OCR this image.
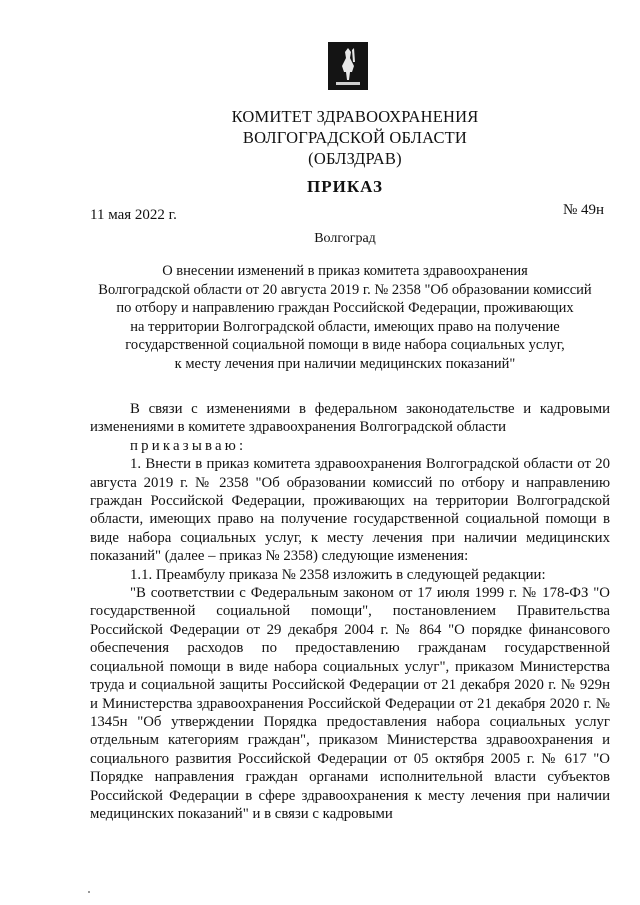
КОМИТЕТ ЗДРАВООХРАНЕНИЯ
ВОЛГОГРАДСКОЙ ОБЛАСТИ
(ОБЛЗДРАВ)
ПРИКАЗ
11 мая 2022 г.	№ 49н
Волгоград
О внесении изменений в приказ комитета здравоохранения
Волгоградской области от 20 августа 2019 г. № 2358 "Об образовании комиссий
по отбору и направлению граждан Российской Федерации, проживающих
на территории Волгоградской области, имеющих право на получение
государственной социальной помощи в виде набора социальных услуг,
к месту лечения при наличии медицинских показаний"

В связи с изменениями в федеральном законодательстве и кадровыми изменениями в комитете здравоохранения Волгоградской области

приказываю:

1. Внести в приказ комитета здравоохранения Волгоградской области от 20 августа 2019 г. № 2358 "Об образовании комиссий по отбору и направлению граждан Российской Федерации, проживающих на территории Волгоградской области, имеющих право на получение государственной социальной помощи в виде набора социальных услуг, к месту лечения при наличии медицинских показаний" (далее – приказ № 2358) следующие изменения:

1.1. Преамбулу приказа № 2358 изложить в следующей редакции:

"В соответствии с Федеральным законом от 17 июля 1999 г. № 178-ФЗ "О государственной социальной помощи", постановлением Правительства Российской Федерации от 29 декабря 2004 г. № 864 "О порядке финансового обеспечения расходов по предоставлению гражданам государственной социальной помощи в виде набора социальных услуг", приказом Министерства труда и социальной защиты Российской Федерации от 21 декабря 2020 г. № 929н и Министерства здравоохранения Российской Федерации от 21 декабря 2020 г. № 1345н "Об утверждении Порядка предоставления набора социальных услуг отдельным категориям граждан", приказом Министерства здравоохранения и социального развития Российской Федерации от 05 октября 2005 г. № 617 "О Порядке направления граждан органами исполнительной власти субъектов Российской Федерации в сфере здравоохранения к месту лечения при наличии медицинских показаний" и в связи с кадровыми
